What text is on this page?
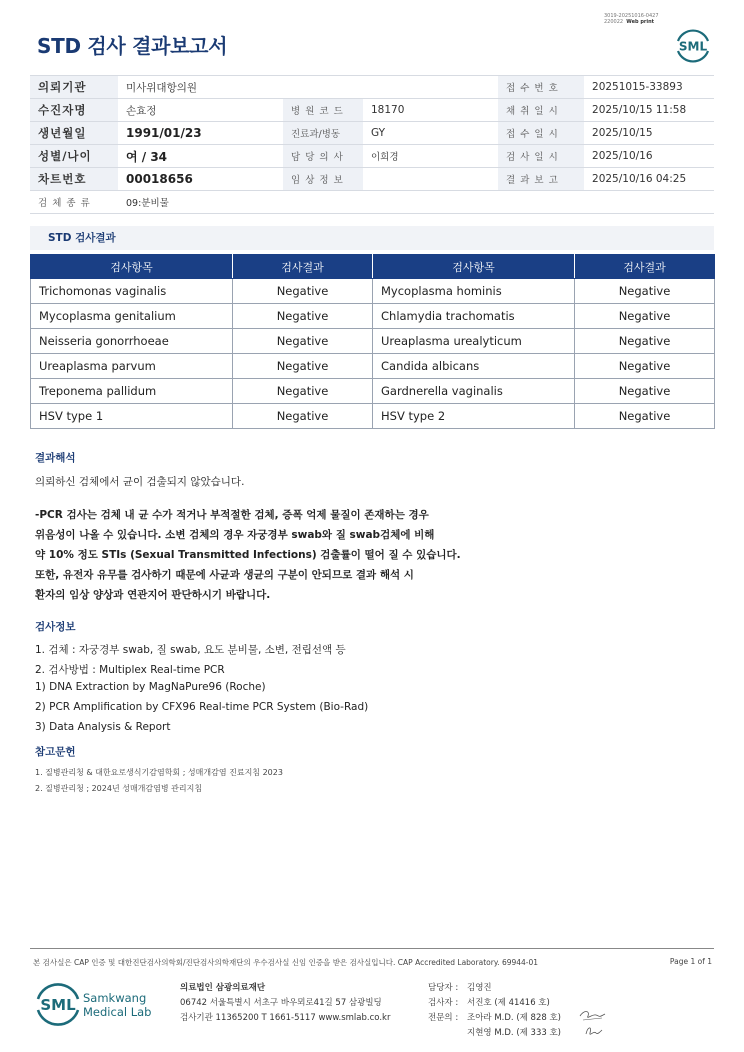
3019-20251016-0427
220022 Web print
STD 검사 결과보고서	SML
의뢰기관	미사위대항의원			접 수 번 호	20251015-33893
수진자명	손효정	병 원 코 드	18170	채 취 일 시	2025/10/15 11:58
생년월일	1991/01/23	진료과/병동	GY	접 수 일 시	2025/10/15
성별/나이	여 / 34	담 당 의 사	이희경	검 사 일 시	2025/10/16
차트번호	00018656	임 상 정 보		결 과 보 고	2025/10/16 04:25
검 체 종 류	09:분비물				
STD 검사결과
검사항목	검사결과	검사항목	검사결과
Trichomonas vaginalis	Negative	Mycoplasma hominis	Negative
Mycoplasma genitalium	Negative	Chlamydia trachomatis	Negative
Neisseria gonorrhoeae	Negative	Ureaplasma urealyticum	Negative
Ureaplasma parvum	Negative	Candida albicans	Negative
Treponema pallidum	Negative	Gardnerella vaginalis	Negative
HSV type 1	Negative	HSV type 2	Negative
결과해석
의뢰하신 검체에서 균이 검출되지 않았습니다.
-PCR 검사는 검체 내 균 수가 적거나 부적절한 검체, 증폭 억제 물질이 존재하는 경우
위음성이 나올 수 있습니다. 소변 검체의 경우 자궁경부 swab와 질 swab검체에 비해
약 10% 정도 STIs (Sexual Transmitted Infections) 검출률이 떨어 질 수 있습니다.
또한, 유전자 유무를 검사하기 때문에 사균과 생균의 구분이 안되므로 결과 해석 시
환자의 임상 양상과 연관지어 판단하시기 바랍니다.
검사정보
1. 검체 : 자궁경부 swab, 질 swab, 요도 분비물, 소변, 전립선액 등
2. 검사방법 : Multiplex Real-time PCR
1) DNA Extraction by MagNaPure96 (Roche)
2) PCR Amplification by CFX96 Real-time PCR System (Bio-Rad)
3) Data Analysis & Report
참고문헌
1. 질병관리청 & 대한요로생식기감염학회 ; 성매개감염 진료지침 2023
2. 질병관리청 ; 2024년 성매개감염병 관리지침
본 검사실은 CAP 인증 및 대한진단검사의학회/진단검사의학재단의 우수검사실 신임 인증을 받은 검사실입니다. CAP Accredited Laboratory. 69944-01	Page 1 of 1
SML Samkwang
Medical Lab
의료법인 삼광의료재단
06742 서울특별시 서초구 바우뫼로41길 57 삼광빌딩
검사기관 11365200 T 1661-5117 www.smlab.co.kr
담당자 : 김영진
검사자 : 서진호 (제 41416 호)
전문의 : 조아라 M.D. (제 828 호)
지현영 M.D. (제 333 호)
